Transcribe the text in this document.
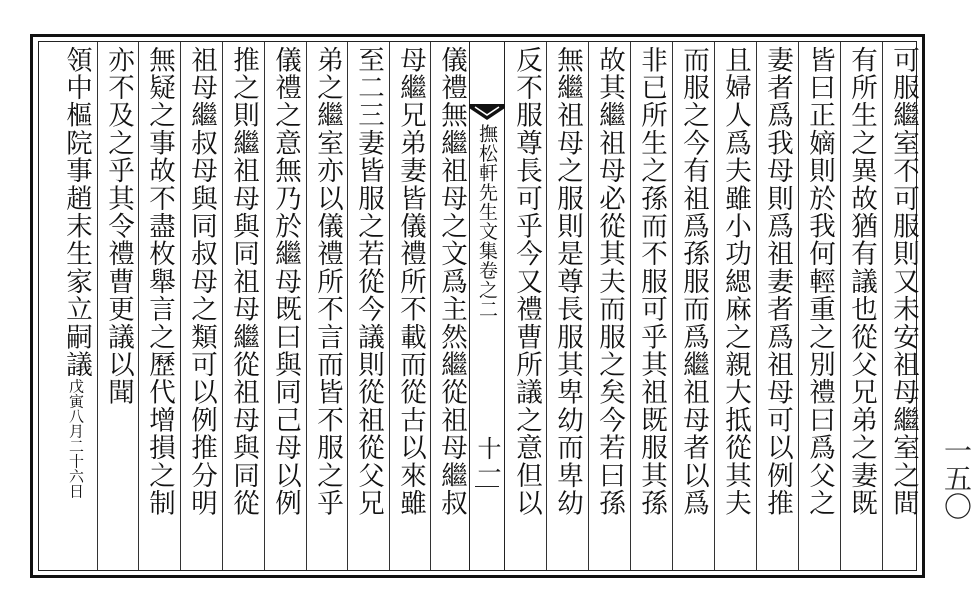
撫松軒先生文集卷之二
十一	可服繼室不可服則又未安祖母繼室之間
有所生之異故猶有議也從父兄弟之妻既
皆曰正嫡則於我何輕重之別禮曰爲父之
妻者爲我母則爲祖妻者爲祖母可以例推
且婦人爲夫雖小功緦麻之親大抵從其夫
而服之今有祖爲孫服而爲繼祖母者以爲
非已所生之孫而不服可乎其祖既服其孫
故其繼祖母必從其夫而服之矣今若曰孫
無繼祖母之服則是尊長服其卑幼而卑幼
反不服尊長可乎今又禮曹所議之意但以
儀禮無繼祖母之文爲主然繼從祖母繼叔
母繼兄弟妻皆儀禮所不載而從古以來雖
至二三妻皆服之若從今議則從祖從父兄
弟之繼室亦以儀禮所不言而皆不服之乎
儀禮之意無乃於繼母既曰與同己母以例
推之則繼祖母與同祖母繼從祖母與同從
祖母繼叔母與同叔母之類可以例推分明
無疑之事故不盡枚舉言之歷代增損之制
亦不及之乎其令禮曹更議以聞
領中樞院事趙末生家立嗣議戊寅八月二十六日	一五〇
